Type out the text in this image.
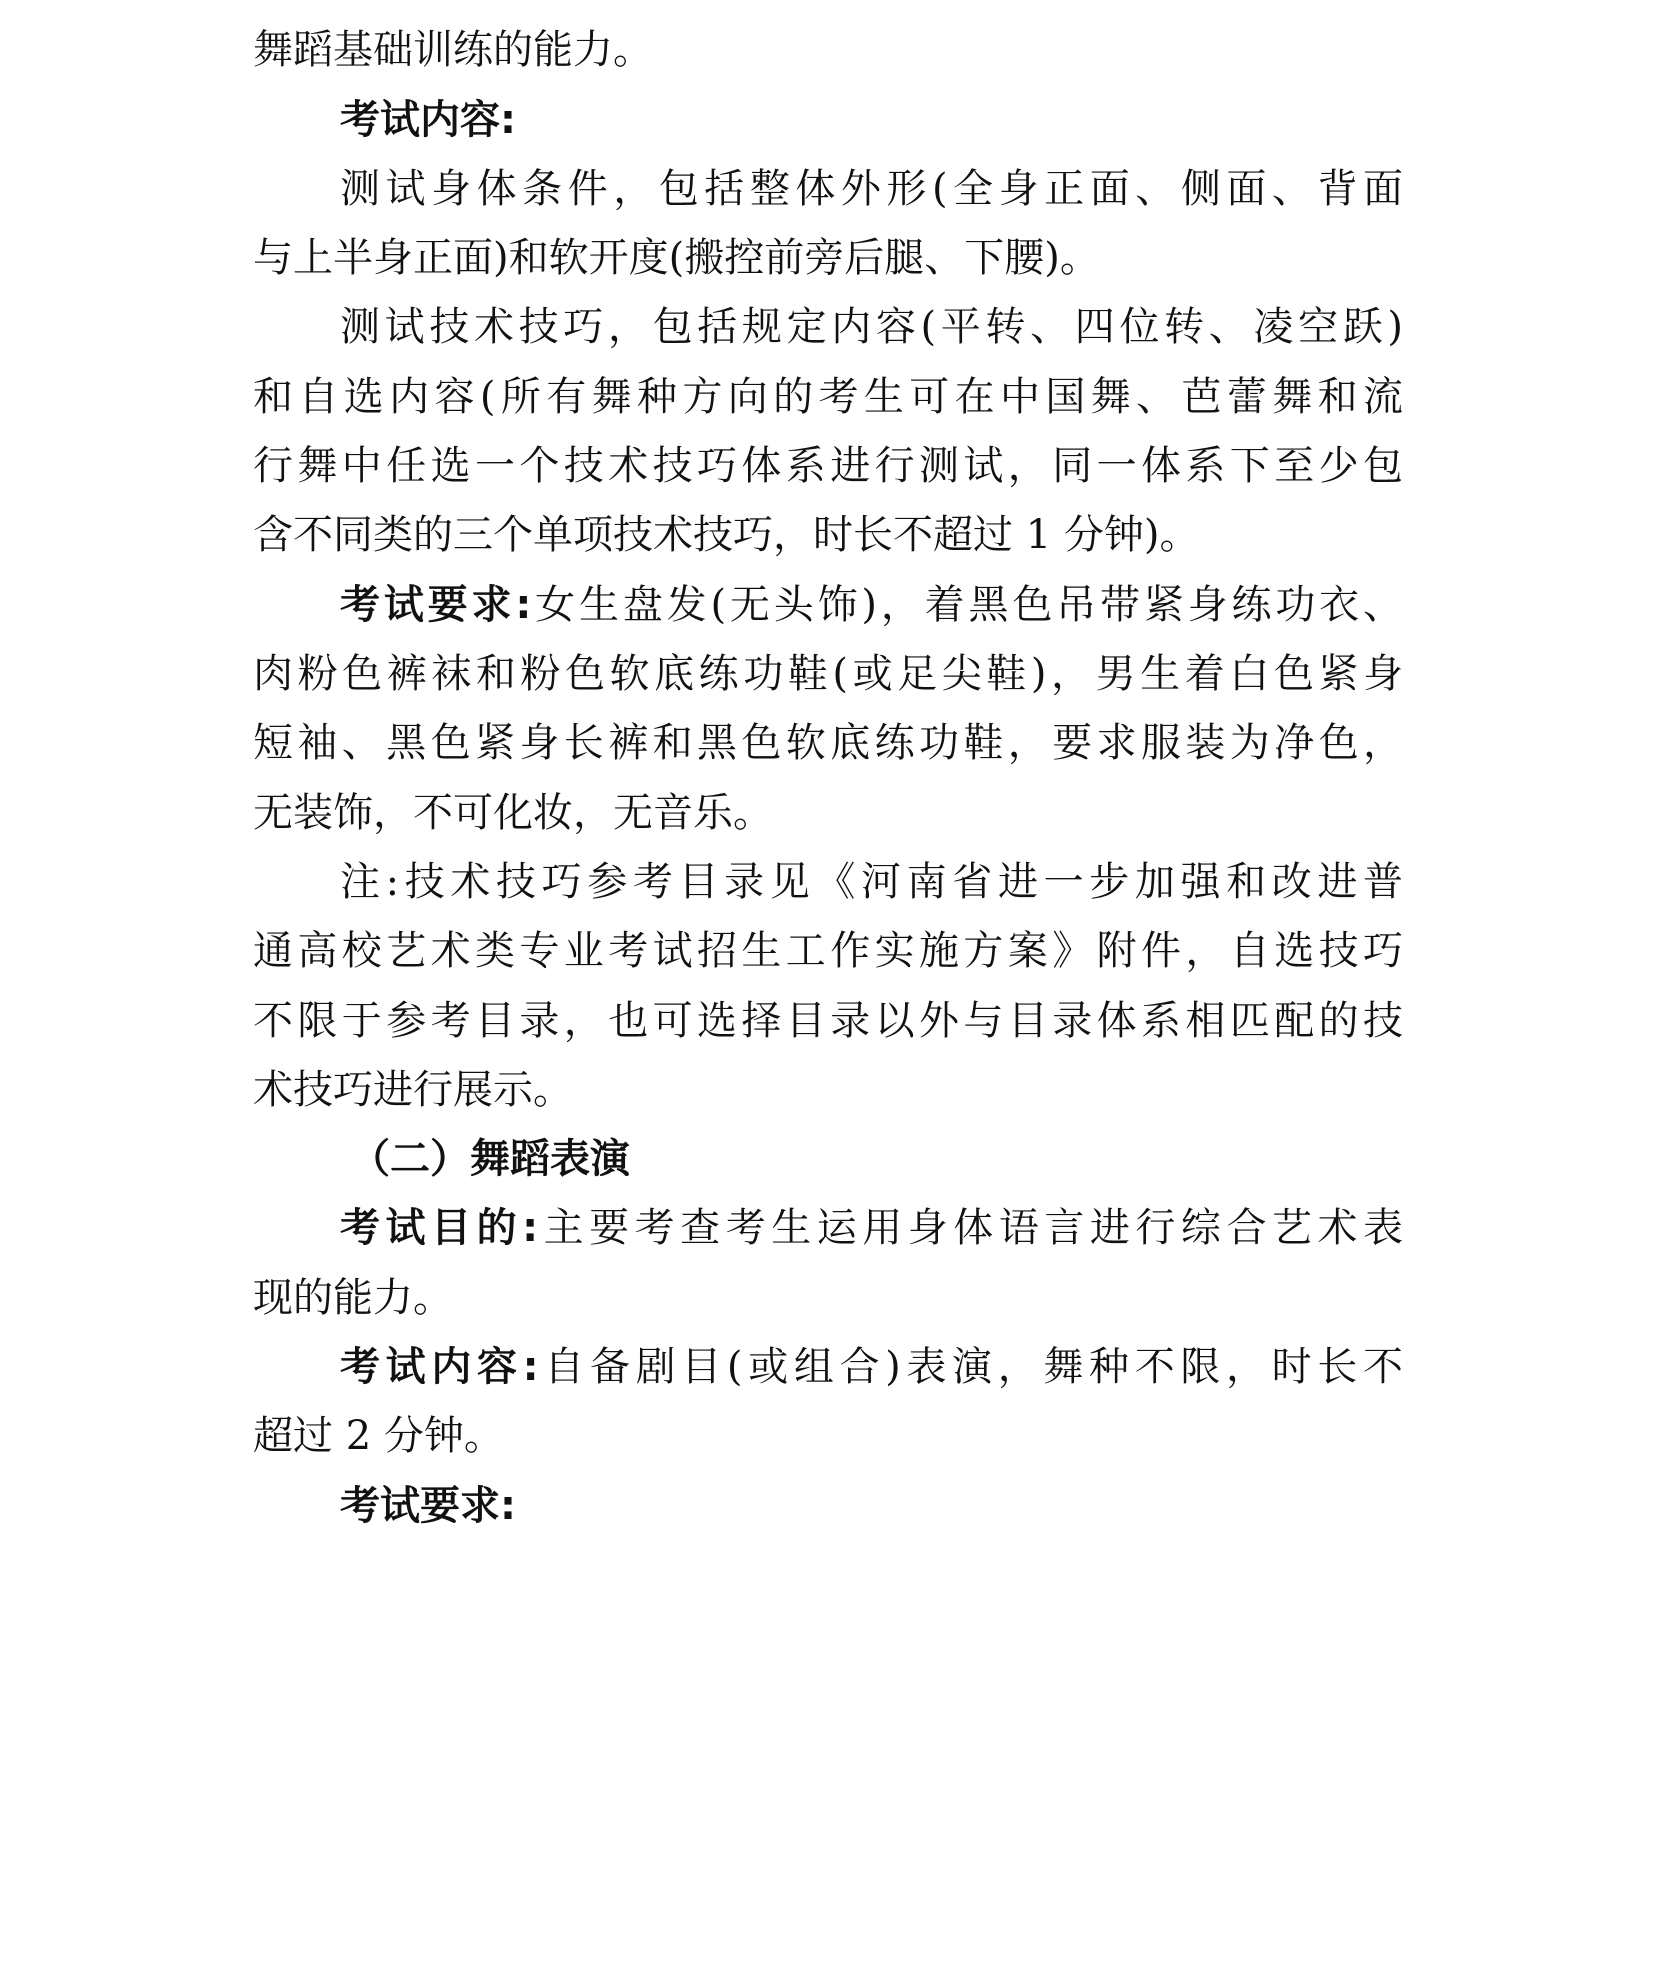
舞蹈基础训练的能力。
考试内容:
测试身体条件，包括整体外形(全身正面、侧面、背面
与上半身正面)和软开度(搬控前旁后腿、下腰)。
测试技术技巧，包括规定内容(平转、四位转、凌空跃)
和自选内容(所有舞种方向的考生可在中国舞、芭蕾舞和流
行舞中任选一个技术技巧体系进行测试，同一体系下至少包
含不同类的三个单项技术技巧，时长不超过 1 分钟)。
考试要求:女生盘发(无头饰)，着黑色吊带紧身练功衣、
肉粉色裤袜和粉色软底练功鞋(或足尖鞋)，男生着白色紧身
短袖、黑色紧身长裤和黑色软底练功鞋，要求服装为净色，
无装饰，不可化妆，无音乐。
注:技术技巧参考目录见《河南省进一步加强和改进普
通高校艺术类专业考试招生工作实施方案》附件，自选技巧
不限于参考目录，也可选择目录以外与目录体系相匹配的技
术技巧进行展示。
（二）舞蹈表演
考试目的:主要考查考生运用身体语言进行综合艺术表
现的能力。
考试内容:自备剧目(或组合)表演，舞种不限，时长不
超过 2 分钟。
考试要求:
